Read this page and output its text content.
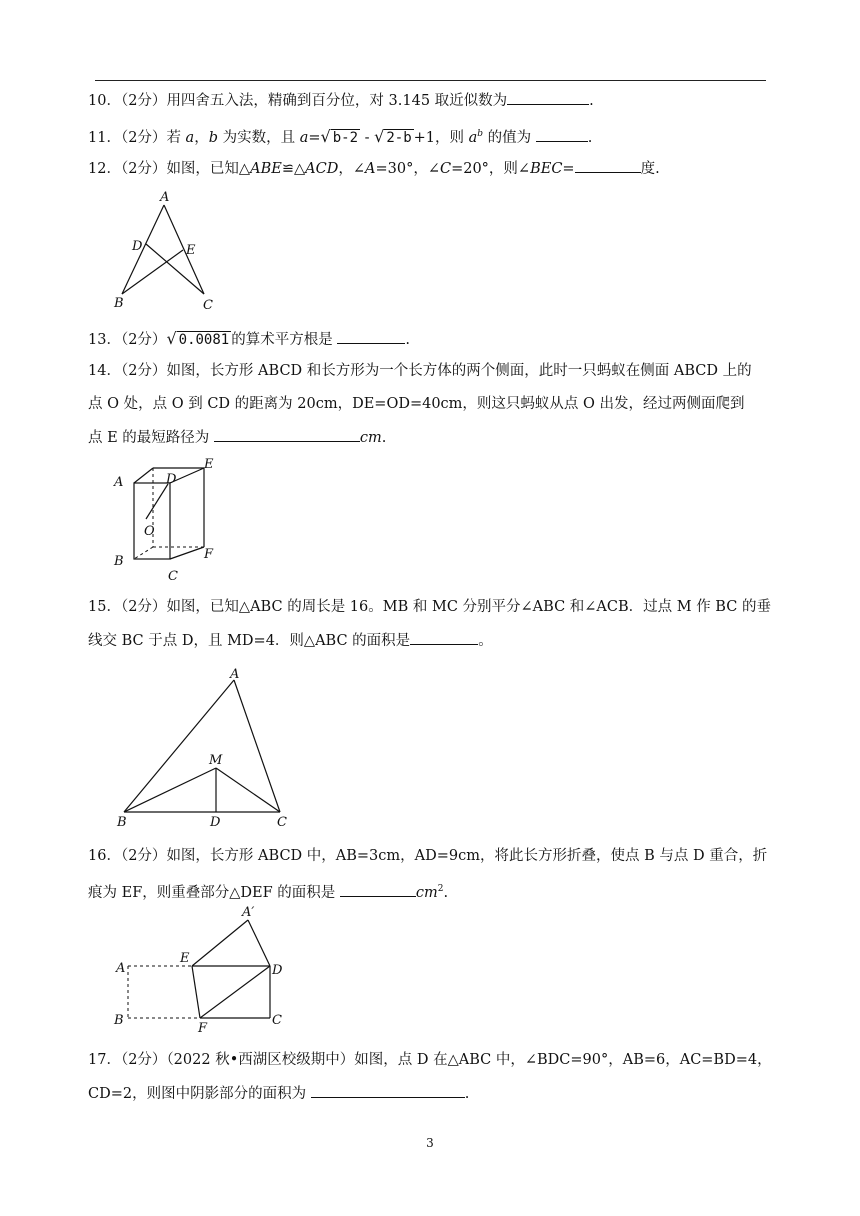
10．（2分）用四舍五入法，精确到百分位，对 3.145 取近似数为	.
11．（2分）若 a，b 为实数，且 a=√ b-2 - √ 2-b +1，则 $a^b$ 的值为	.
12．（2分）如图，已知△ABE≌△ACD，∠A=30°，∠C=20°，则∠BEC=	度.
A
D	E
B	C
13．（2分）√ 0.0081 的算术平方根是	.
14．（2分）如图，长方形 ABCD 和长方形为一个长方体的两个侧面，此时一只蚂蚁在侧面 ABCD 上的
点 O 处，点 O 到 CD 的距离为 20cm，DE=OD=40cm，则这只蚂蚁从点 O 出发，经过两侧面爬到
点 E 的最短路径为	cm.
A	D
E
O
B	F
C
15．（2分）如图，已知△ABC 的周长是 16。MB 和 MC 分别平分∠ABC 和∠ACB．过点 M 作 BC 的垂
线交 BC 于点 D，且 MD=4．则△ABC 的面积是	。
A
M
B	D	C
16．（2分）如图，长方形 ABCD 中，AB=3cm，AD=9cm，将此长方形折叠，使点 B 与点 D 重合，折
痕为 EF，则重叠部分△DEF 的面积是	$cm^2$.
A′
A
E
D
B
F
C
17．（2分）（2022 秋•西湖区校级期中）如图，点 D 在△ABC 中，∠BDC=90°，AB=6，AC=BD=4，
CD=2，则图中阴影部分的面积为	.
3
